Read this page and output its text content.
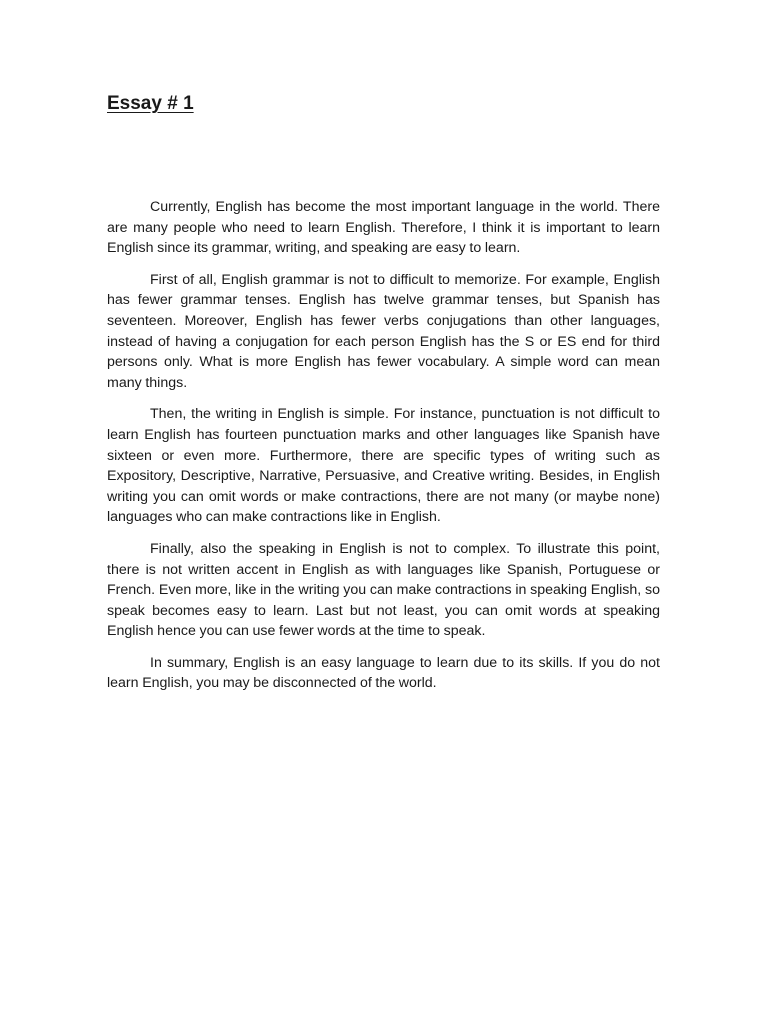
Essay # 1

Currently, English has become the most important language in the world. There are many people who need to learn English. Therefore, I think it is important to learn English since its grammar, writing, and speaking are easy to learn.

First of all, English grammar is not to difficult to memorize. For example, English has fewer grammar tenses. English has twelve grammar tenses, but Spanish has seventeen. Moreover, English has fewer verbs conjugations than other languages, instead of having a conjugation for each person English has the S or ES end for third persons only. What is more English has fewer vocabulary. A simple word can mean many things.

Then, the writing in English is simple. For instance, punctuation is not difficult to learn English has fourteen punctuation marks and other languages like Spanish have sixteen or even more. Furthermore, there are specific types of writing such as Expository, Descriptive, Narrative, Persuasive, and Creative writing. Besides, in English writing you can omit words or make contractions, there are not many (or maybe none) languages who can make contractions like in English.

Finally, also the speaking in English is not to complex. To illustrate this point, there is not written accent in English as with languages like Spanish, Portuguese or French. Even more, like in the writing you can make contractions in speaking English, so speak becomes easy to learn. Last but not least, you can omit words at speaking English hence you can use fewer words at the time to speak.

In summary, English is an easy language to learn due to its skills. If you do not learn English, you may be disconnected of the world.
